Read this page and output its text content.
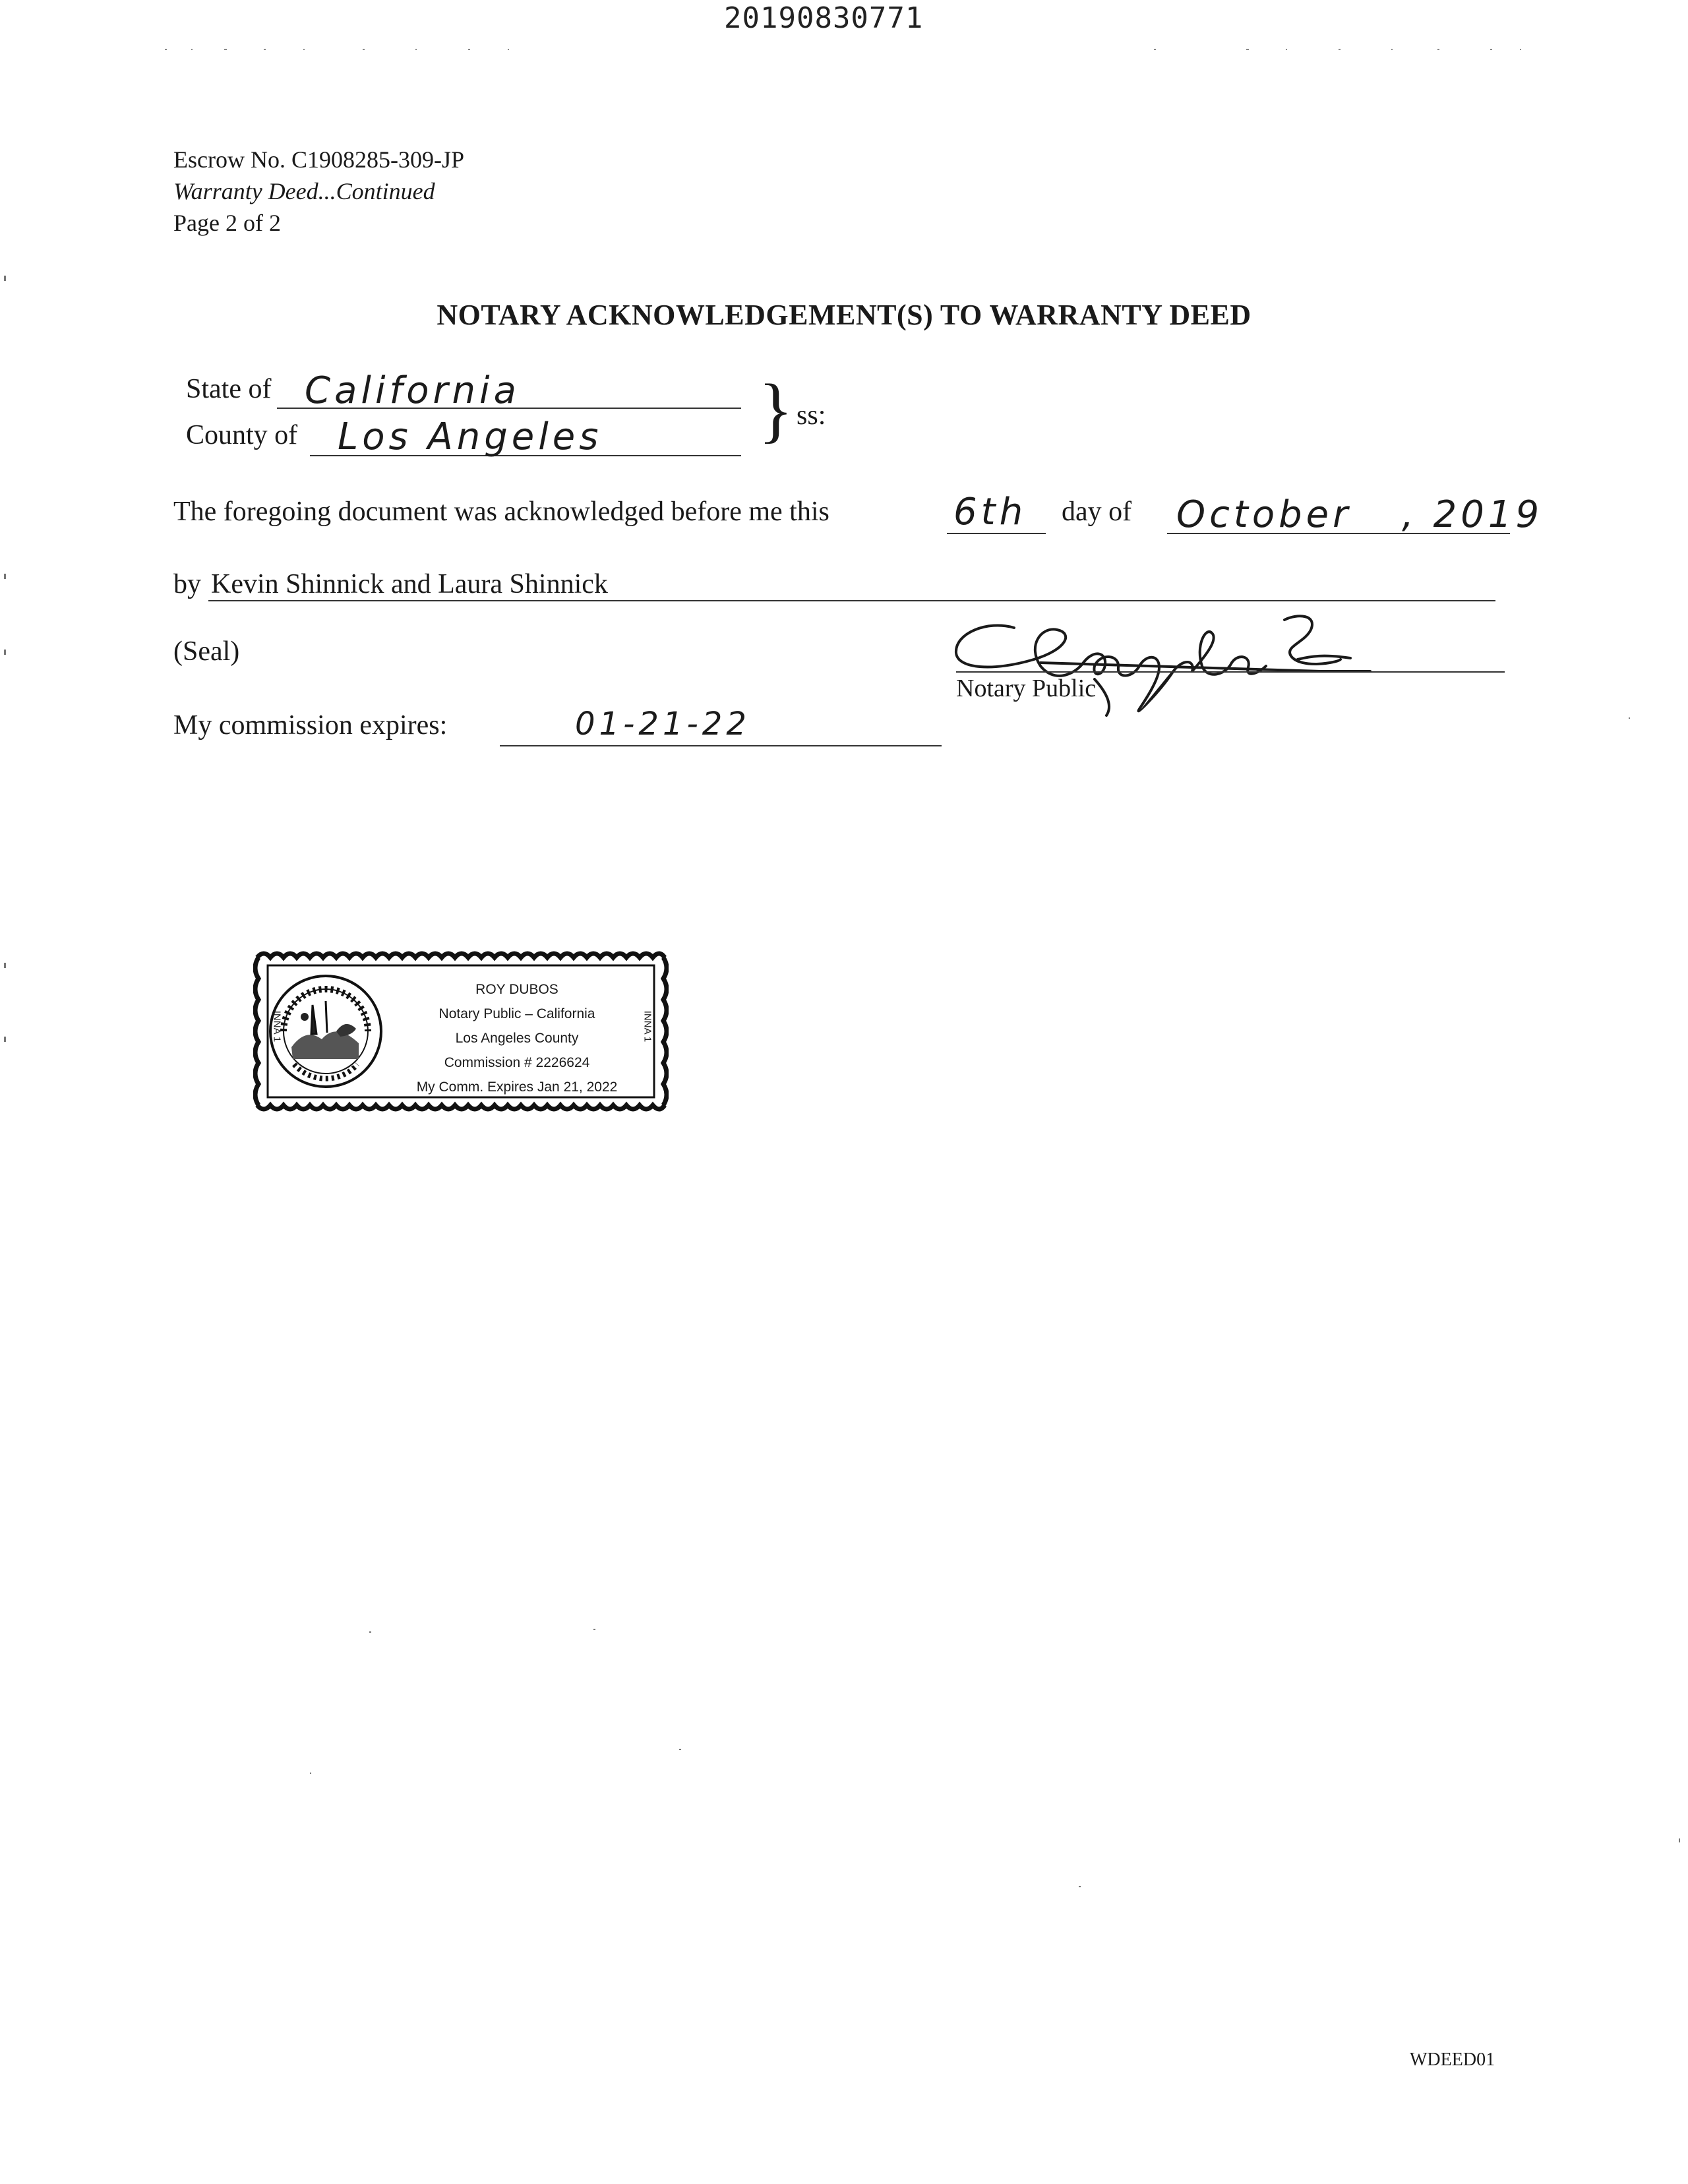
20190830771
Escrow No. C1908285-309-JP
Warranty Deed...Continued
Page 2 of 2
NOTARY ACKNOWLEDGEMENT(S) TO WARRANTY DEED
State of California
County of Los Angeles } ss:
The foregoing document was acknowledged before me this	6th day of October , 2019
by Kevin Shinnick and Laura Shinnick
(Seal)
Notary Public
My commission expires:	01-21-22
INNA 1	INNA 1
ROY DUBOS
Notary Public – California
Los Angeles County
Commission # 2226624
My Comm. Expires Jan 21, 2022
WDEED01
